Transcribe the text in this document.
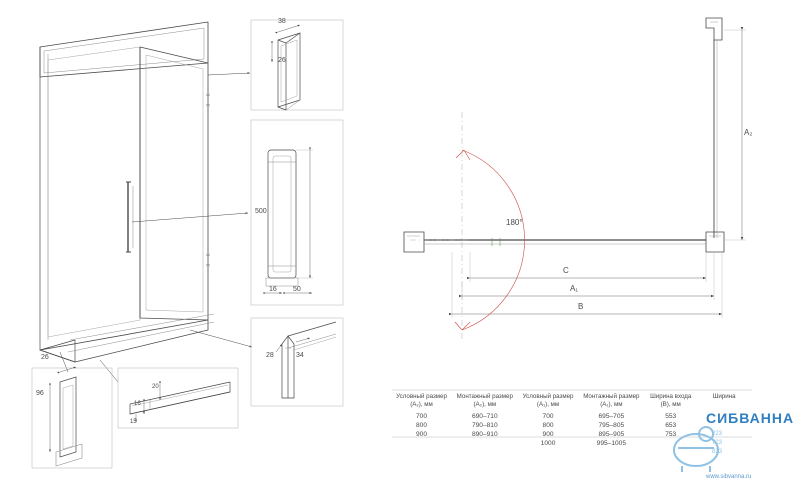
38
26
500
16 50
26
96
20
16
15
28	34
180°
A₂
C
A₁
B
Условный размер (A₂), мм	Монтажный размер (A₂), мм	Условный размер (A₁), мм	Монтажный размер (A₁), мм	Ширина входа (B), мм	Ширина
700	690–710	700	695–705	553	
800	790–810	800	795–805	653	
900	890–910	900	895–905	753	
		1000	995–1005		
СИБВАННА
223
723
823
www.sibvanna.ru
